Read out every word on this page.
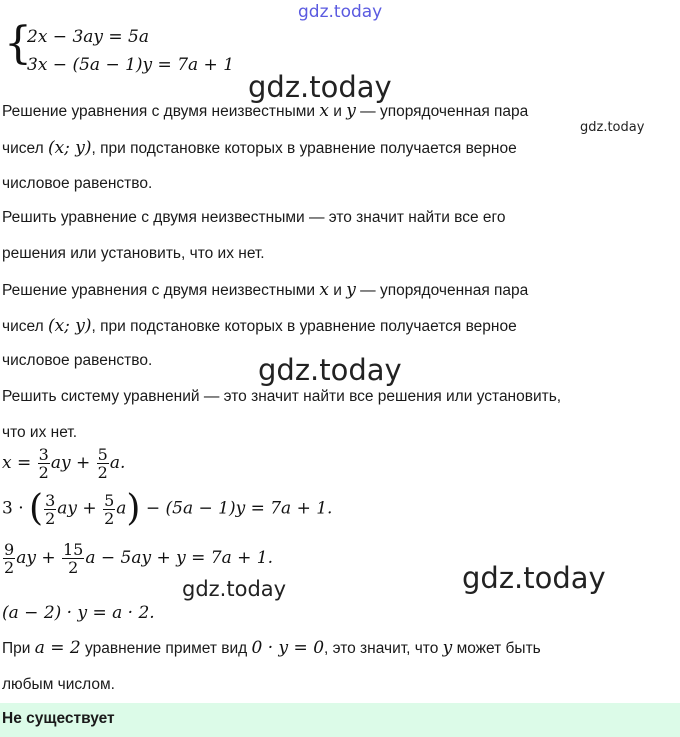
gdz.today
{
2x − 3ay = 5a
3x − (5a − 1)y = 7a + 1
gdz.today
Решение уравнения с двумя неизвестными x и y — упорядоченная пара
gdz.today
чисел (x; y), при подстановке которых в уравнение получается верное
числовое равенство.
Решить уравнение с двумя неизвестными — это значит найти все его
решения или установить, что их нет.
Решение уравнения с двумя неизвестными x и y — упорядоченная пара
чисел (x; y), при подстановке которых в уравнение получается верное
числовое равенство.	gdz.today
Решить систему уравнений — это значит найти все решения или установить,
что их нет.
$x = \frac{3}{2}$ ay + $\frac{5}{2} a$.
3 · ( $\frac{3}{2}$ ay + $\frac{5}{2} a) - (5a - 1)y = 7a + 1$.
$\frac{9}{2}$ ay + $\frac{15}{2}$ a − 5ay + y = 7a + 1.
gdz.today
gdz.today
(a − 2) · y = a · 2.
При a = 2 уравнение примет вид 0 · y = 0, это значит, что y может быть
любым числом.
Не существует
